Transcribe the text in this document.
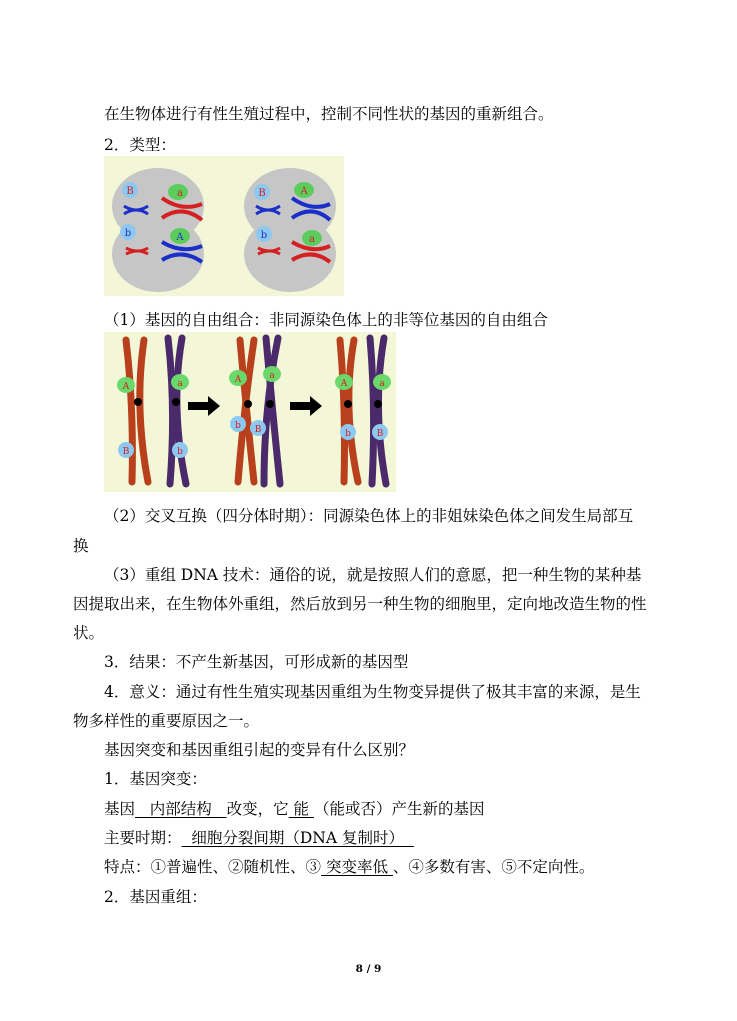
在生物体进行有性生殖过程中，控制不同性状的基因的重新组合。
2．类型：
B	a
b	A
B	A
b	a
（1）基因的自由组合：非同源染色体上的非等位基因的自由组合
A	a
B	b
A	a
b B
A	a
b	B
（2）交叉互换（四分体时期）：同源染色体上的非姐妹染色体之间发生局部互
换
（3）重组 DNA 技术：通俗的说，就是按照人们的意愿，把一种生物的某种基
因提取出来，在生物体外重组，然后放到另一种生物的细胞里，定向地改造生物的性
状。
3．结果：不产生新基因，可形成新的基因型
4．意义：通过有性生殖实现基因重组为生物变异提供了极其丰富的来源，是生
物多样性的重要原因之一。
基因突变和基因重组引起的变异有什么区别？
1．基因突变：
基因   内部结构   改变，它 能 （能或否）产生新的基因
主要时期：  细胞分裂间期（DNA 复制时）
特点：①普遍性、②随机性、③ 突变率低 、④多数有害、⑤不定向性。
2．基因重组：
8 / 9
